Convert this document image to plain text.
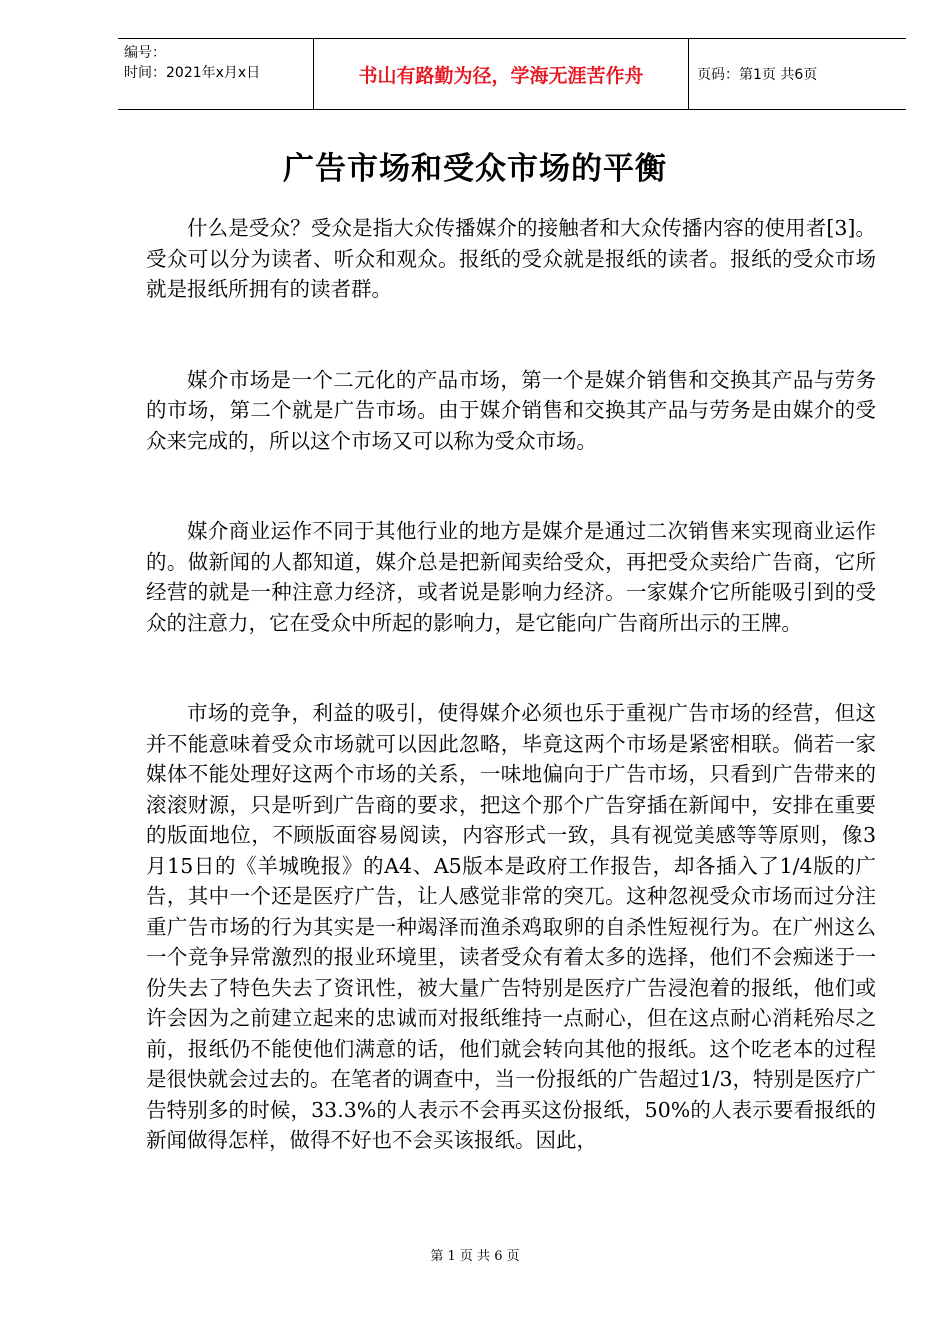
编号：
时间：2021年x月x日	书山有路勤为径，学海无涯苦作舟	页码：第1页 共6页
广告市场和受众市场的平衡

什么是受众？受众是指大众传播媒介的接触者和大众传播内容的使用者[3]。受众可以分为读者、听众和观众。报纸的受众就是报纸的读者。报纸的受众市场就是报纸所拥有的读者群。

媒介市场是一个二元化的产品市场，第一个是媒介销售和交换其产品与劳务的市场，第二个就是广告市场。由于媒介销售和交换其产品与劳务是由媒介的受众来完成的，所以这个市场又可以称为受众市场。

媒介商业运作不同于其他行业的地方是媒介是通过二次销售来实现商业运作的。做新闻的人都知道，媒介总是把新闻卖给受众，再把受众卖给广告商，它所经营的就是一种注意力经济，或者说是影响力经济。一家媒介它所能吸引到的受众的注意力，它在受众中所起的影响力，是它能向广告商所出示的王牌。

市场的竞争，利益的吸引，使得媒介必须也乐于重视广告市场的经营，但这并不能意味着受众市场就可以因此忽略，毕竟这两个市场是紧密相联。倘若一家媒体不能处理好这两个市场的关系，一味地偏向于广告市场，只看到广告带来的滚滚财源，只是听到广告商的要求，把这个那个广告穿插在新闻中，安排在重要的版面地位，不顾版面容易阅读，内容形式一致，具有视觉美感等等原则，像3月15日的《羊城晚报》的A4、A5版本是政府工作报告，却各插入了1/4版的广告，其中一个还是医疗广告，让人感觉非常的突兀。这种忽视受众市场而过分注重广告市场的行为其实是一种竭泽而渔杀鸡取卵的自杀性短视行为。在广州这么一个竞争异常激烈的报业环境里，读者受众有着太多的选择，他们不会痴迷于一份失去了特色失去了资讯性，被大量广告特别是医疗广告浸泡着的报纸，他们或许会因为之前建立起来的忠诚而对报纸维持一点耐心，但在这点耐心消耗殆尽之前，报纸仍不能使他们满意的话，他们就会转向其他的报纸。这个吃老本的过程是很快就会过去的。在笔者的调查中，当一份报纸的广告超过1/3，特别是医疗广告特别多的时候，33.3%的人表示不会再买这份报纸，50%的人表示要看报纸的新闻做得怎样，做得不好也不会买该报纸。因此，

第 1 页 共 6 页
